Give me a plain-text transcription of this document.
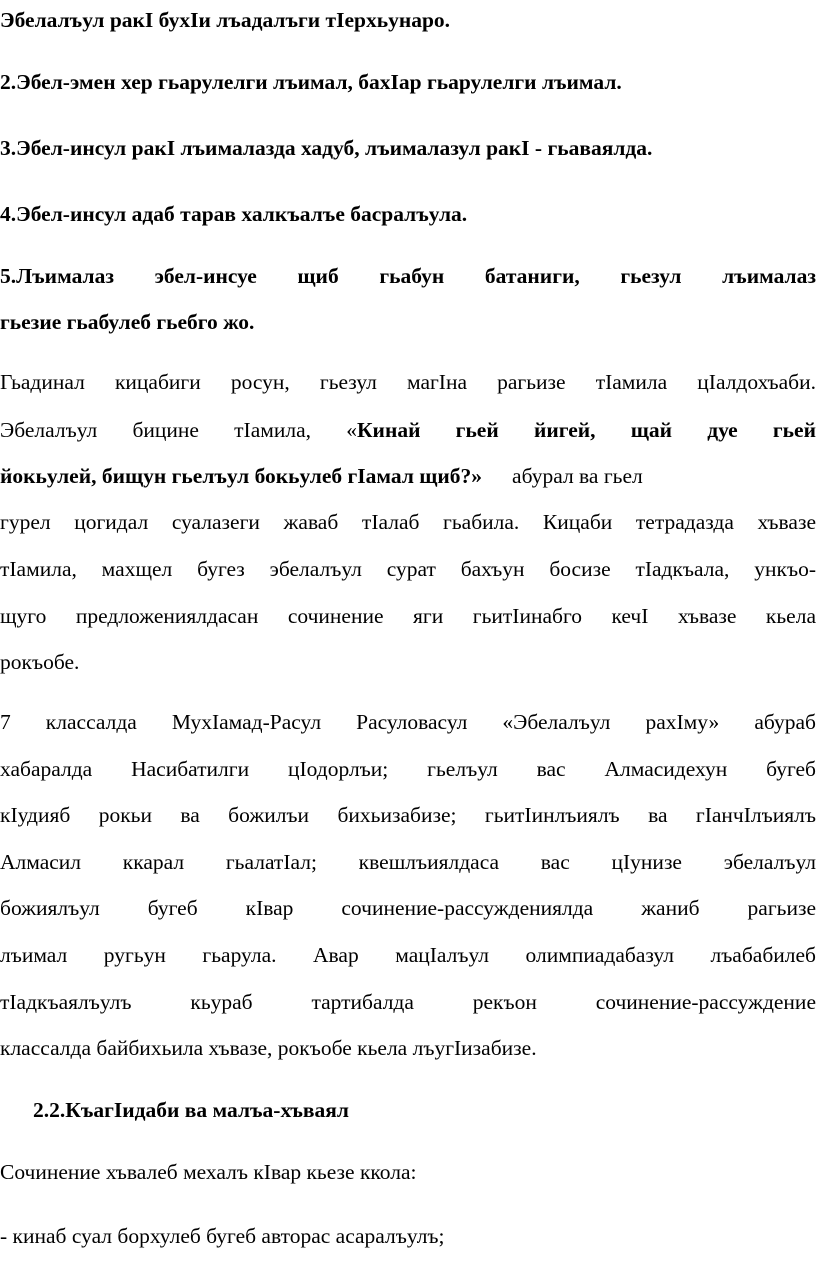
Эбелалъул ракI бухIи лъадалъги тIерхьунаро.
2.Эбел-эмен хер гьарулелги лъимал, бахIар гьарулелги лъимал.
3.Эбел-инсул ракI лъималазда хадуб, лъималазул ракI - гьаваялда.
4.Эбел-инсул адаб тарав халкъалъе басралъула.
5.Лъималаз эбел-инсуе щиб гьабун батаниги, гьезул лъималаз
гьезие гьабулеб гьебго жо.
Гьадинал кицабиги росун, гьезул магIна рагьизе тIамила цIалдохъаби.
Эбелалъул бицине тIамила, «Кинай гьей йигей, щай дуе гьей
йокьулей, бищун гьелъул бокьулеб гIамал щиб?» абурал ва гьел
гурел цогидал суалазеги жаваб тIалаб гьабила. Кицаби тетрадазда хъвазе
тIамила, махщел бугез эбелалъул сурат бахъун босизе тIадкъала, ункъо-
щуго предложениялдасан сочинение яги гьитIинабго кечI хъвазе кьела
рокъобе.
7 классалда МухIамад-Расул Расуловасул «Эбелалъул рахIму» абураб
хабаралда Насибатилги цIодорлъи; гьелъул вас Алмасидехун бугеб
кIудияб рокьи ва божилъи бихьизабизе; гьитIинлъиялъ ва гIанчIлъиялъ
Алмасил ккарал гьалатIал; квешлъиялдаса вас цIунизе эбелалъул
божиялъул бугеб кIвар сочинение-рассуждениялда жаниб рагьизе
лъимал ругьун гьарула. Авар мацIалъул олимпиадабазул лъабабилеб
тIадкъаялъулъ кьураб тартибалда рекъон сочинение-рассуждение
классалда байбихьила хъвазе, рокъобе кьела лъугIизабизе.
2.2.КъагIидаби ва малъа-хъваял
Сочинение хъвалеб мехалъ кIвар кьезе ккола:
- кинаб суал борхулеб бугеб авторас асаралъулъ;
